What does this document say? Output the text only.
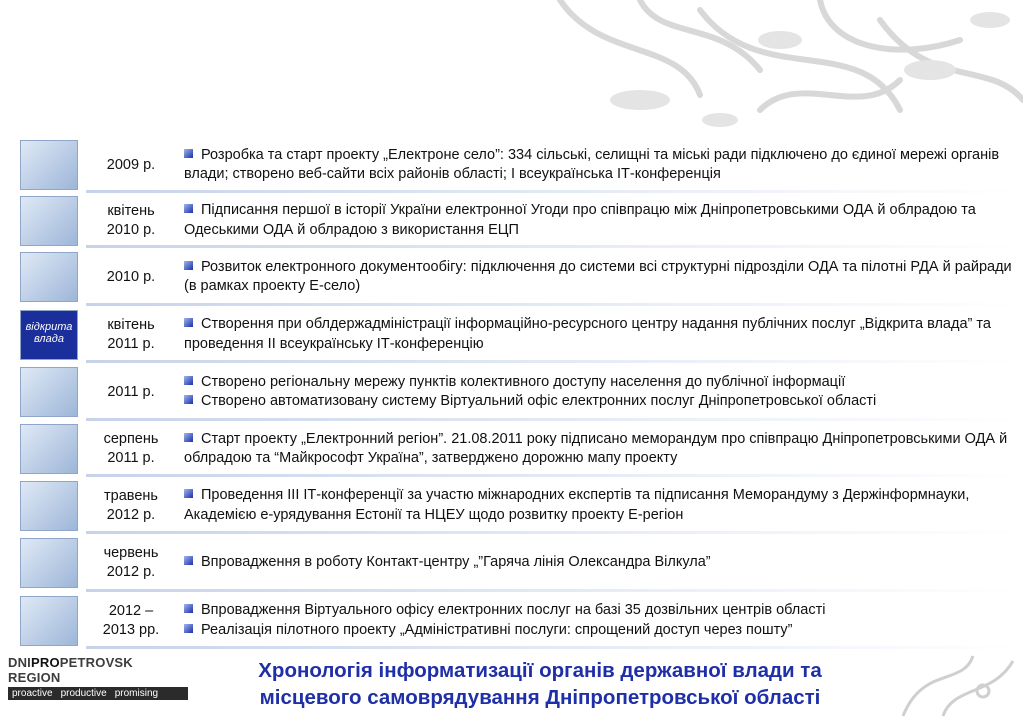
2009 р.
Розробка та старт проекту „Електроне село”: 334 сільські, селищні та міські ради підключено до єдиної мережі органів влади; створено веб-сайти всіх районів області; І всеукраїнська ІТ-конференція
квітень
2010 р.
Підписання першої в історії України електронної Угоди про співпрацю між Дніпропетровськими ОДА й облрадою та Одеськими ОДА й облрадою з використання ЕЦП
2010 р.
Розвиток електронного документообігу: підключення до системи всі структурні підрозділи ОДА та пілотні РДА й райради (в рамках проекту Е-село)
відкрита
влада
квітень
2011 р.
Створення при облдержадміністрації інформаційно-ресурсного центру надання публічних послуг „Відкрита влада” та проведення ІІ всеукраїнську ІТ-конференцію
2011 р.
Створено регіональну мережу пунктів колективного доступу населення до публічної інформації
Створено автоматизовану систему Віртуальний офіс електронних послуг Дніпропетровської області
серпень
2011 р.
Старт проекту „Електронний регіон”. 21.08.2011 року підписано меморандум про співпрацю Дніпропетровськими ОДА й облрадою та “Майкрософт Україна”, затверджено дорожню мапу проекту
травень
2012 р.
Проведення ІІІ ІТ-конференції за участю міжнародних експертів та підписання Меморандуму з Держінформнауки, Академією е-урядування Естонії та НЦЕУ щодо розвитку проекту Е-регіон
червень
2012 р.
Впровадження в роботу Контакт-центру „”Гаряча лінія Олександра Вілкула”
2012 –
2013 рр.
Впровадження Віртуального офісу електронних послуг на базі 35 дозвільних центрів області
Реалізація пілотного проекту „Адміністративні послуги: спрощений доступ через пошту”
DNIPROPETROVSK REGION
proactive productive promising
Хронологія інформатизації органів державної влади та
місцевого самоврядування Дніпропетровської області
